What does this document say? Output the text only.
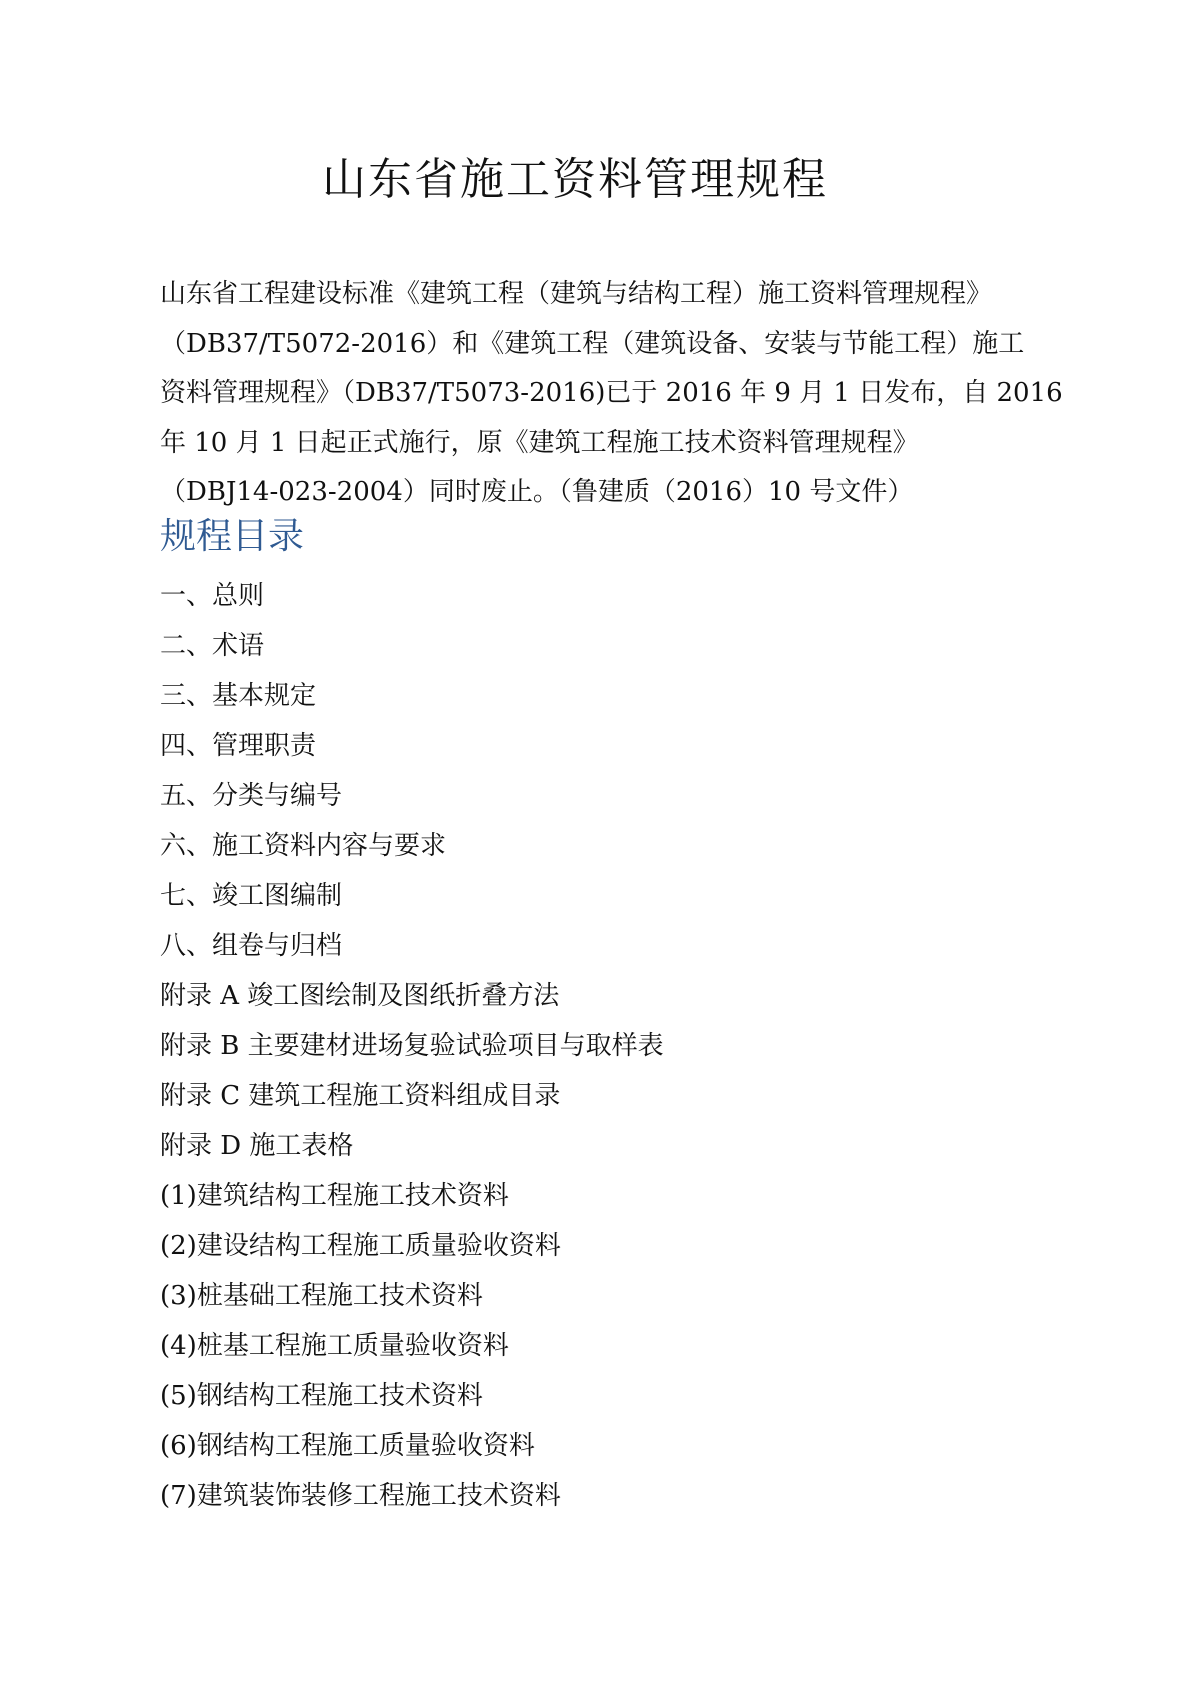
山东省施工资料管理规程

山东省工程建设标准《建筑工程（建筑与结构工程）施工资料管理规程》
（DB37/T5072-2016）和《建筑工程（建筑设备、安装与节能工程）施工
资料管理规程》（DB37/T5073-2016)已于 2016 年 9 月 1 日发布，自 2016
年 10 月 1 日起正式施行，原《建筑工程施工技术资料管理规程》
（DBJ14-023-2004）同时废止。（鲁建质（2016）10 号文件）

规程目录
一、总则
二、术语
三、基本规定
四、管理职责
五、分类与编号
六、施工资料内容与要求
七、竣工图编制
八、组卷与归档
附录 A 竣工图绘制及图纸折叠方法
附录 B 主要建材进场复验试验项目与取样表
附录 C 建筑工程施工资料组成目录
附录 D 施工表格
(1)建筑结构工程施工技术资料
(2)建设结构工程施工质量验收资料
(3)桩基础工程施工技术资料
(4)桩基工程施工质量验收资料
(5)钢结构工程施工技术资料
(6)钢结构工程施工质量验收资料
(7)建筑装饰装修工程施工技术资料
